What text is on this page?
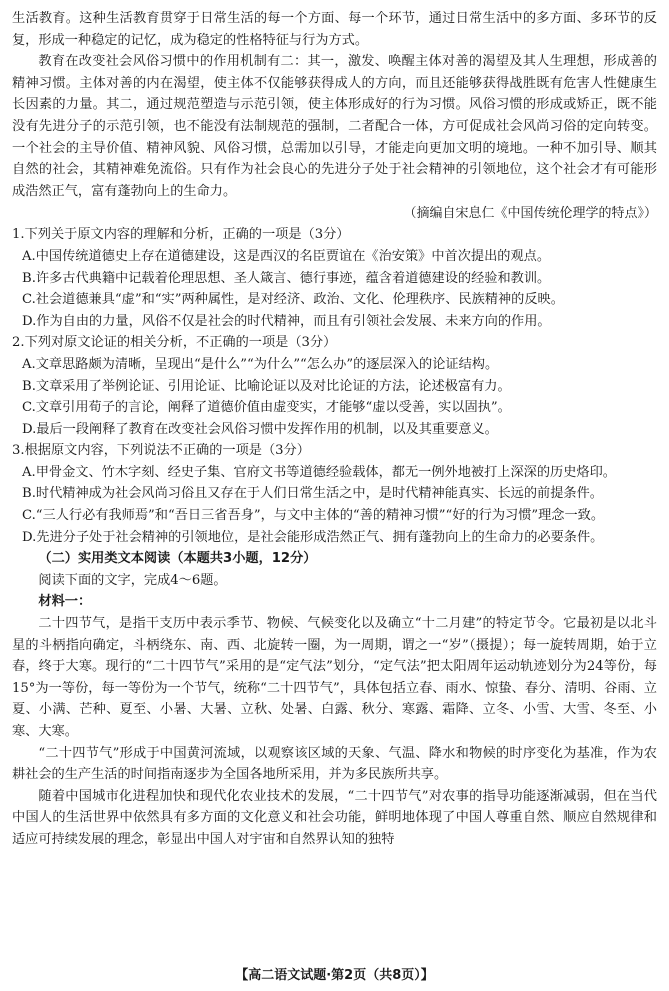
生活教育。这种生活教育贯穿于日常生活的每一个方面、每一个环节，通过日常生活中的多方面、多环节的反复，形成一种稳定的记忆，成为稳定的性格特征与行为方式。

教育在改变社会风俗习惯中的作用机制有二：其一，激发、唤醒主体对善的渴望及其人生理想，形成善的精神习惯。主体对善的内在渴望，使主体不仅能够获得成人的方向，而且还能够获得战胜既有危害人性健康生长因素的力量。其二，通过规范塑造与示范引领，使主体形成好的行为习惯。风俗习惯的形成或矫正，既不能没有先进分子的示范引领，也不能没有法制规范的强制，二者配合一体，方可促成社会风尚习俗的定向转变。一个社会的主导价值、精神风貌、风俗习惯，总需加以引导，才能走向更加文明的境地。一种不加引导、顺其自然的社会，其精神难免流俗。只有作为社会良心的先进分子处于社会精神的引领地位，这个社会才有可能形成浩然正气，富有蓬勃向上的生命力。

（摘编自宋息仁《中国传统伦理学的特点》）

1.下列关于原文内容的理解和分析，正确的一项是（3分）

A.中国传统道德史上存在道德建设，这是西汉的名臣贾谊在《治安策》中首次提出的观点。

B.许多古代典籍中记载着伦理思想、圣人箴言、德行事迹，蕴含着道德建设的经验和教训。

C.社会道德兼具“虚”和“实”两种属性，是对经济、政治、文化、伦理秩序、民族精神的反映。

D.作为自由的力量，风俗不仅是社会的时代精神，而且有引领社会发展、未来方向的作用。

2.下列对原文论证的相关分析，不正确的一项是（3分）

A.文章思路颇为清晰，呈现出“是什么”“为什么”“怎么办”的逐层深入的论证结构。

B.文章采用了举例论证、引用论证、比喻论证以及对比论证的方法，论述极富有力。

C.文章引用荀子的言论，阐释了道德价值由虚变实，才能够“虚以受善，实以固执”。

D.最后一段阐释了教育在改变社会风俗习惯中发挥作用的机制，以及其重要意义。

3.根据原文内容，下列说法不正确的一项是（3分）

A.甲骨金文、竹木字刻、经史子集、官府文书等道德经验载体，都无一例外地被打上深深的历史烙印。

B.时代精神成为社会风尚习俗且又存在于人们日常生活之中，是时代精神能真实、长远的前提条件。

C.“三人行必有我师焉”和“吾日三省吾身”，与文中主体的“善的精神习惯”“好的行为习惯”理念一致。

D.先进分子处于社会精神的引领地位，是社会能形成浩然正气、拥有蓬勃向上的生命力的必要条件。

（二）实用类文本阅读（本题共3小题，12分）

阅读下面的文字，完成4～6题。

材料一：

二十四节气，是指干支历中表示季节、物候、气候变化以及确立“十二月建”的特定节令。它最初是以北斗星的斗柄指向确定，斗柄绕东、南、西、北旋转一圈，为一周期，谓之一“岁”（摄提）；每一旋转周期，始于立春，终于大寒。现行的“二十四节气”采用的是“定气法”划分，“定气法”把太阳周年运动轨迹划分为24等份，每15°为一等份，每一等份为一个节气，统称“二十四节气”，具体包括立春、雨水、惊蛰、春分、清明、谷雨、立夏、小满、芒种、夏至、小暑、大暑、立秋、处暑、白露、秋分、寒露、霜降、立冬、小雪、大雪、冬至、小寒、大寒。

“二十四节气”形成于中国黄河流域，以观察该区域的天象、气温、降水和物候的时序变化为基准，作为农耕社会的生产生活的时间指南逐步为全国各地所采用，并为多民族所共享。

随着中国城市化进程加快和现代化农业技术的发展，“二十四节气”对农事的指导功能逐渐减弱，但在当代中国人的生活世界中依然具有多方面的文化意义和社会功能，鲜明地体现了中国人尊重自然、顺应自然规律和适应可持续发展的理念，彰显出中国人对宇宙和自然界认知的独特

【高二语文试题·第2页（共8页）】
